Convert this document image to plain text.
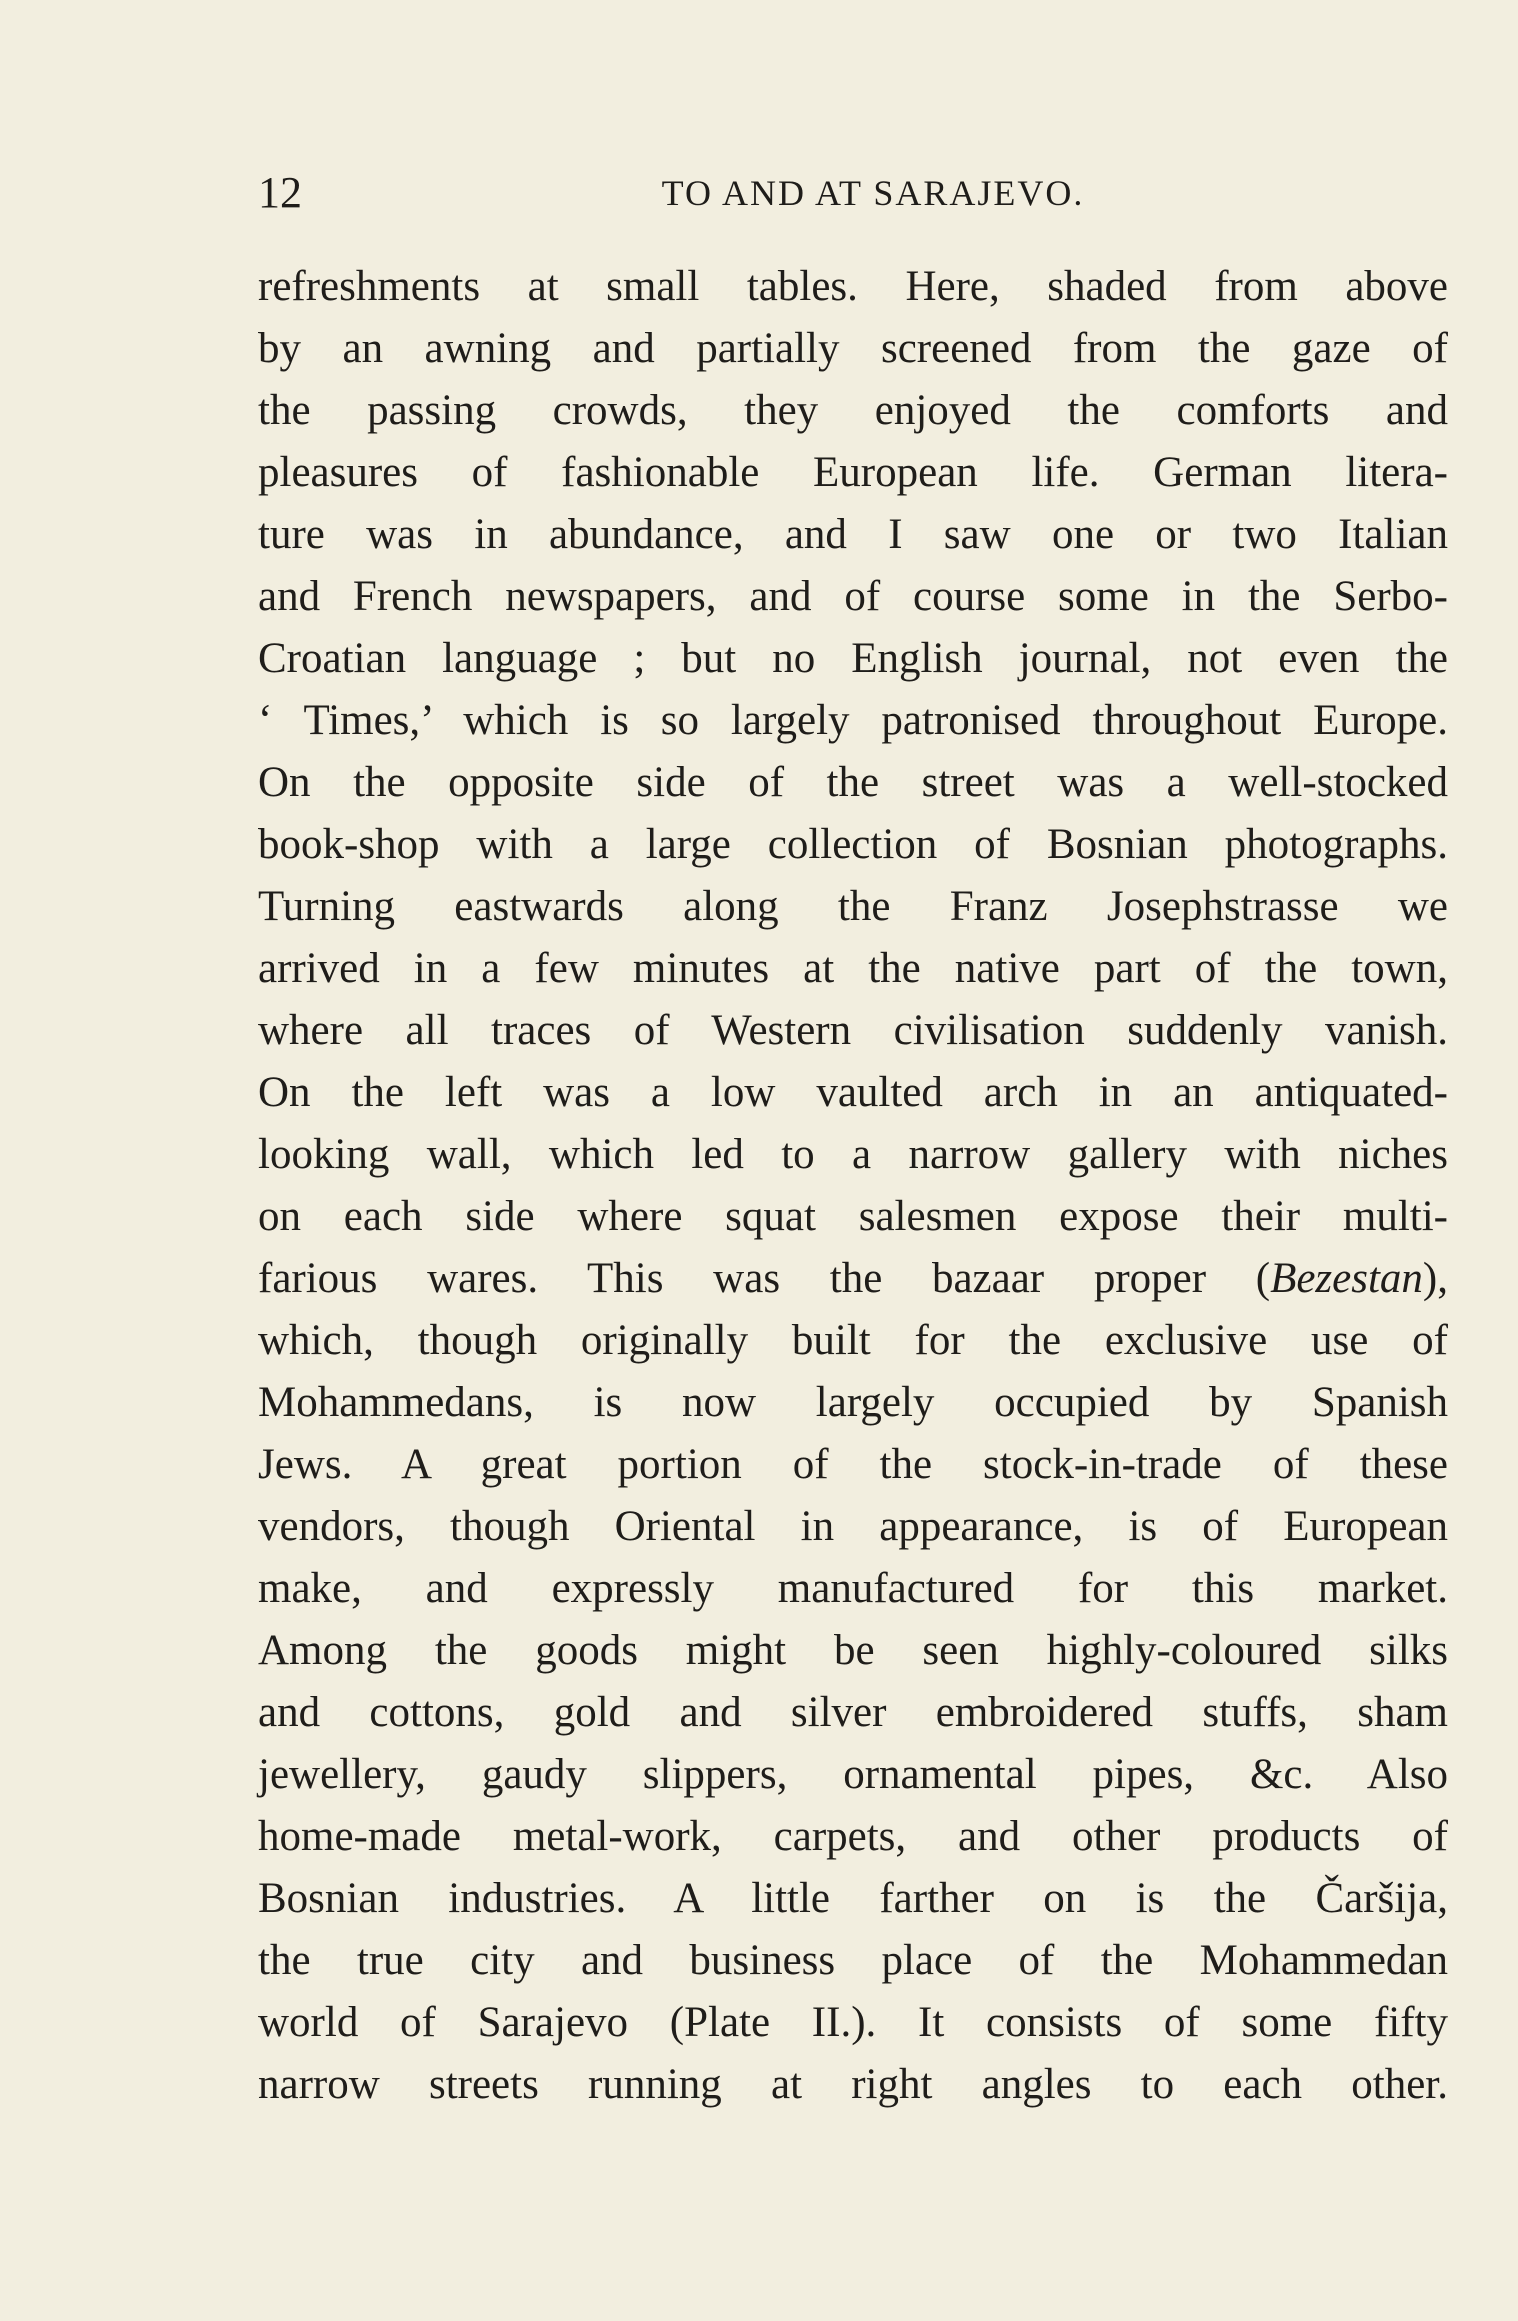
12	TO AND AT SARAJEVO.
refreshments at small tables. Here, shaded from above
by an awning and partially screened from the gaze of
the passing crowds, they enjoyed the comforts and
pleasures of fashionable European life. German litera-
ture was in abundance, and I saw one or two Italian
and French newspapers, and of course some in the Serbo-
Croatian language ; but no English journal, not even the
‘ Times,’ which is so largely patronised throughout Europe.
On the opposite side of the street was a well-stocked
book-shop with a large collection of Bosnian photographs.
Turning eastwards along the Franz Josephstrasse we
arrived in a few minutes at the native part of the town,
where all traces of Western civilisation suddenly vanish.
On the left was a low vaulted arch in an antiquated-
looking wall, which led to a narrow gallery with niches
on each side where squat salesmen expose their multi-
farious wares. This was the bazaar proper (Bezestan),
which, though originally built for the exclusive use of
Mohammedans, is now largely occupied by Spanish
Jews. A great portion of the stock-in-trade of these
vendors, though Oriental in appearance, is of European
make, and expressly manufactured for this market.
Among the goods might be seen highly-coloured silks
and cottons, gold and silver embroidered stuffs, sham
jewellery, gaudy slippers, ornamental pipes, &c. Also
home-made metal-work, carpets, and other products of
Bosnian industries. A little farther on is the Čaršija,
the true city and business place of the Mohammedan
world of Sarajevo (Plate II.). It consists of some fifty
narrow streets running at right angles to each other.
